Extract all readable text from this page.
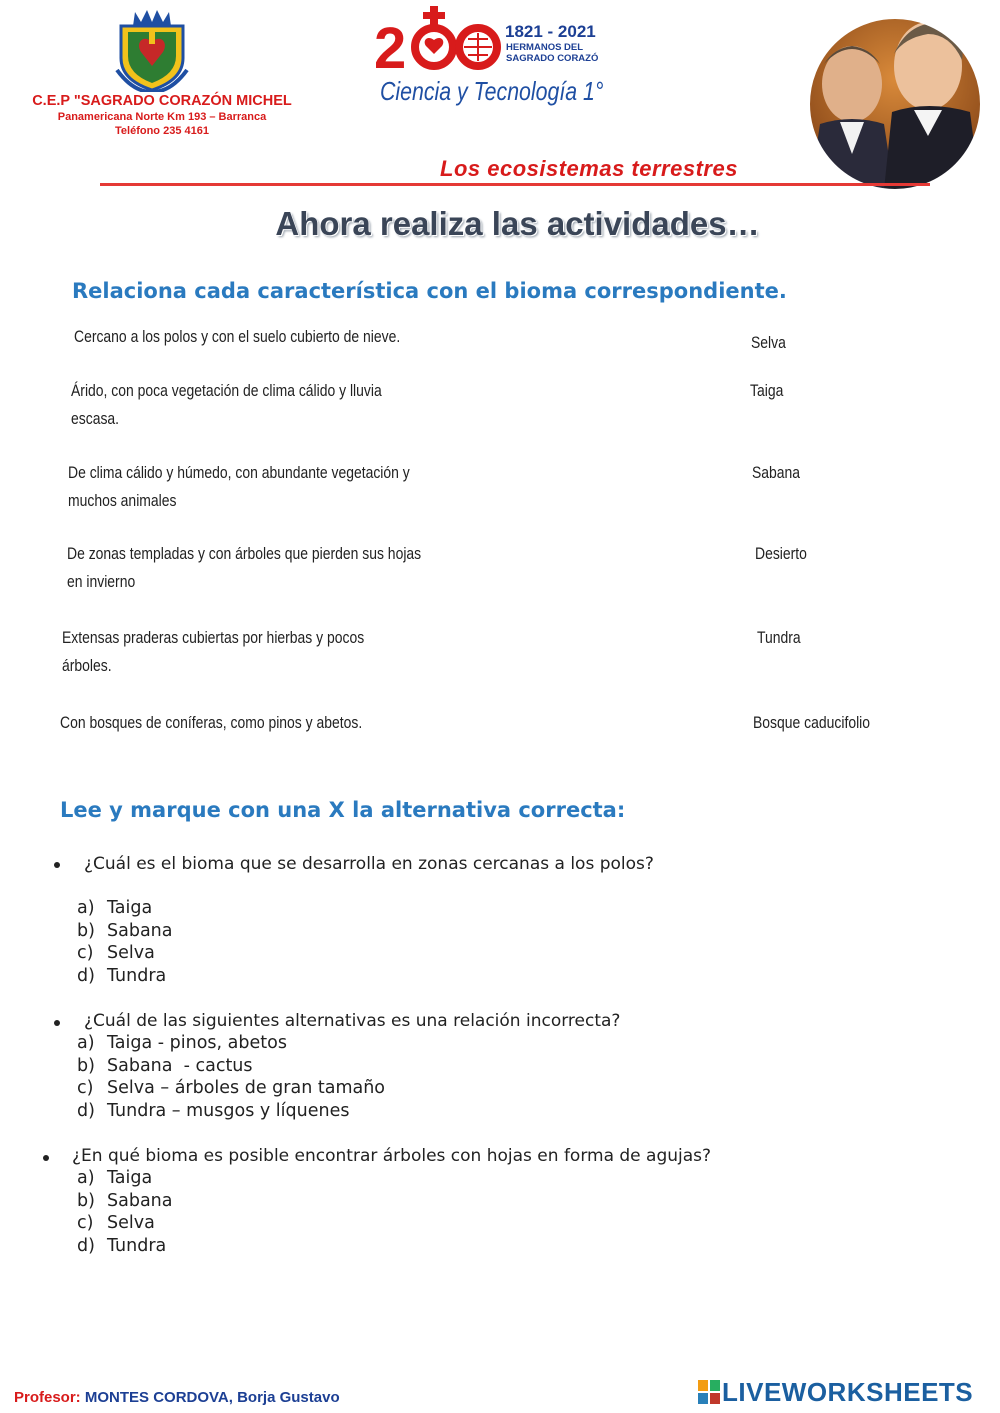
C.E.P "SAGRADO CORAZÓN MICHEL
Panamericana Norte Km 193 – Barranca
Teléfono 235 4161
2	1821 - 2021
HERMANOS DEL
SAGRADO CORAZÓ
Ciencia y Tecnología 1°
Los ecosistemas terrestres
Ahora realiza las actividades…
Relaciona cada característica con el bioma correspondiente.
Cercano a los polos y con el suelo cubierto de nieve.
Árido, con poca vegetación de clima cálido y lluvia
escasa.
De clima cálido y húmedo, con abundante vegetación y
muchos animales
De zonas templadas y con árboles que pierden sus hojas
en invierno
Extensas praderas cubiertas por hierbas y pocos
árboles.
Con bosques de coníferas, como pinos y abetos.
Selva
Taiga
Sabana
Desierto
Tundra
Bosque caducifolio
Lee y marque con una X la alternativa correcta:
¿Cuál es el bioma que se desarrolla en zonas cercanas a los polos?
a) Taiga
b) Sabana
c) Selva
d) Tundra
¿Cuál de las siguientes alternativas es una relación incorrecta?
a) Taiga - pinos, abetos
b) Sabana  - cactus
c) Selva – árboles de gran tamaño
d) Tundra – musgos y líquenes
¿En qué bioma es posible encontrar árboles con hojas en forma de agujas?
a) Taiga
b) Sabana
c) Selva
d) Tundra
Profesor: MONTES CORDOVA, Borja Gustavo	LIVEWORKSHEETS
